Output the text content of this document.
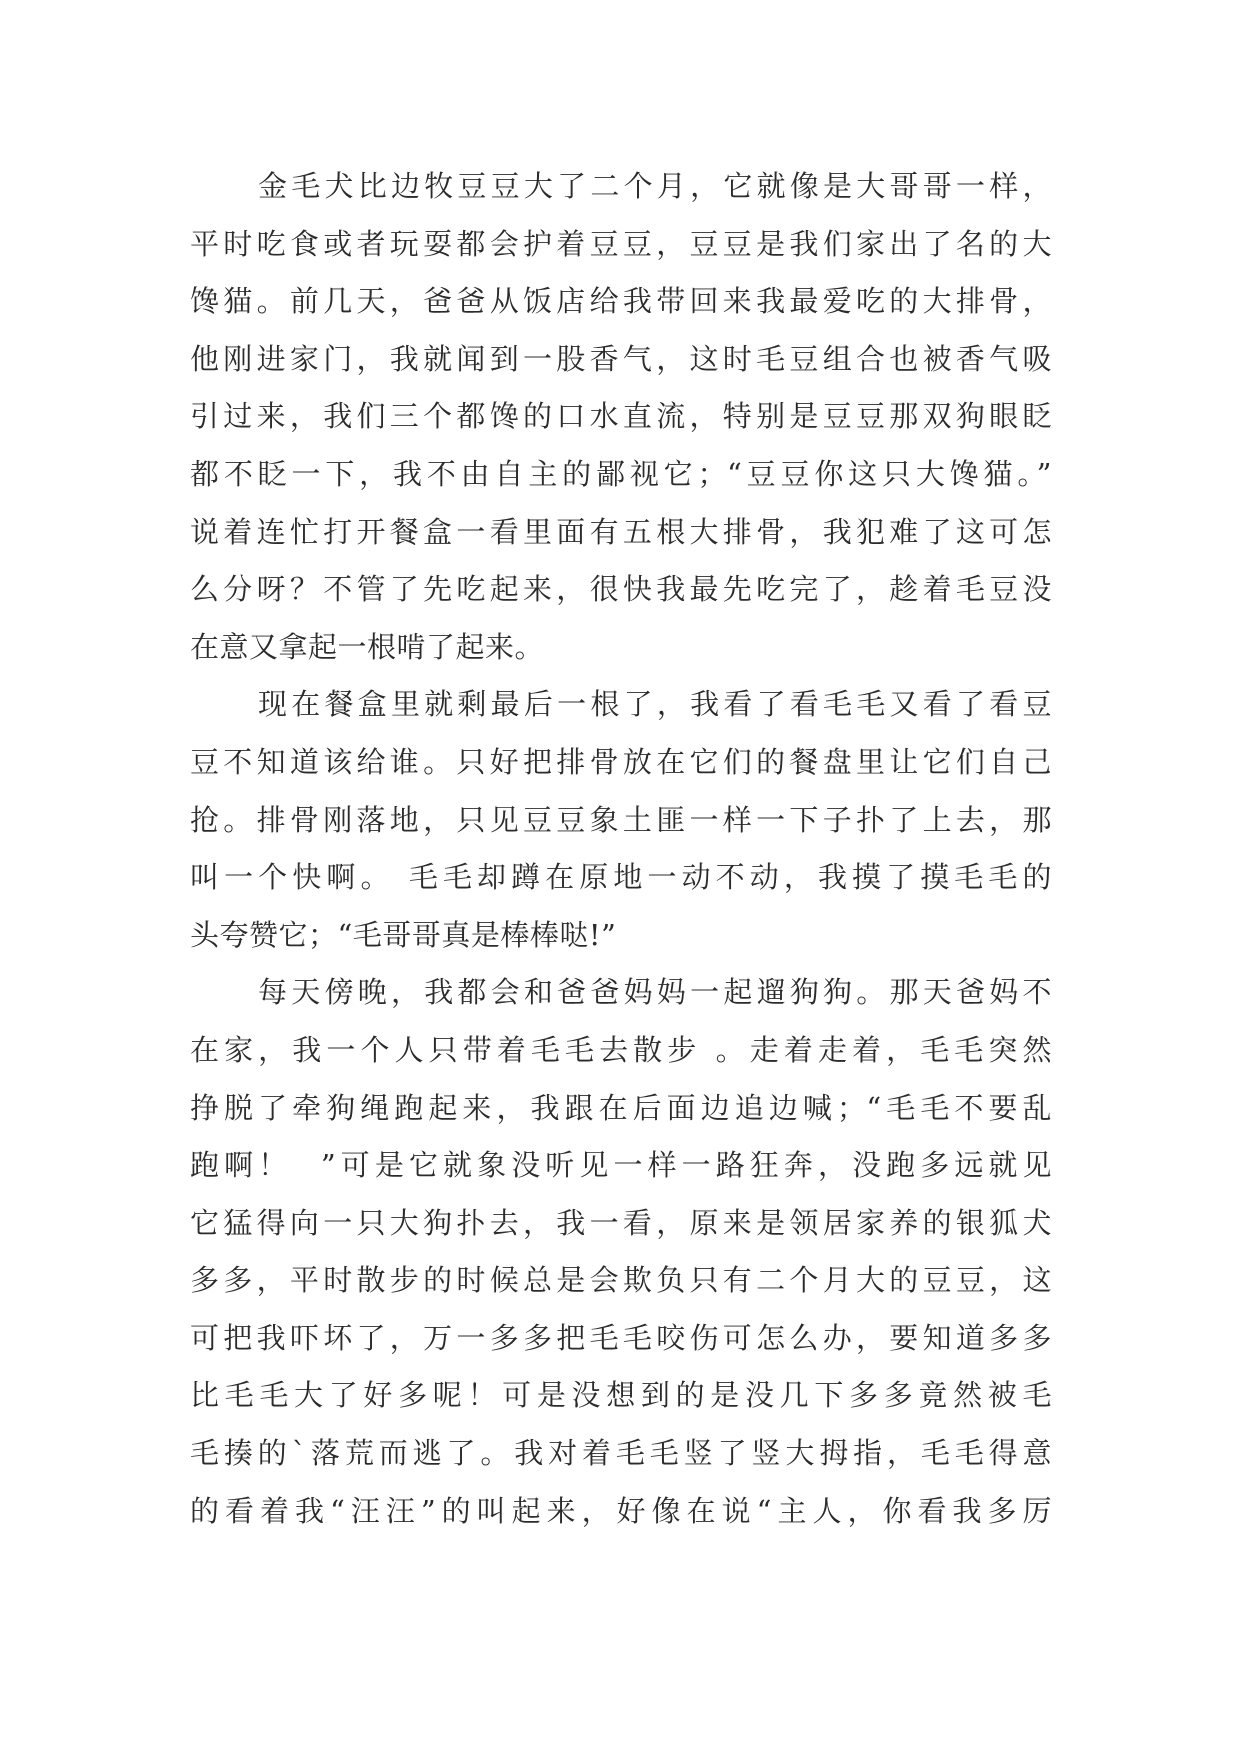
金毛犬比边牧豆豆大了二个月，它就像是大哥哥一样，
平时吃食或者玩耍都会护着豆豆，豆豆是我们家出了名的大
馋猫。前几天，爸爸从饭店给我带回来我最爱吃的大排骨，
他刚进家门，我就闻到一股香气，这时毛豆组合也被香气吸
引过来，我们三个都馋的口水直流，特别是豆豆那双狗眼眨
都不眨一下，我不由自主的鄙视它；“豆豆你这只大馋猫。”
说着连忙打开餐盒一看里面有五根大排骨，我犯难了这可怎
么分呀？不管了先吃起来，很快我最先吃完了，趁着毛豆没
在意又拿起一根啃了起来。
现在餐盒里就剩最后一根了，我看了看毛毛又看了看豆
豆不知道该给谁。只好把排骨放在它们的餐盘里让它们自己
抢。排骨刚落地，只见豆豆象土匪一样一下子扑了上去，那
叫一个快啊。 毛毛却蹲在原地一动不动，我摸了摸毛毛的
头夸赞它；“毛哥哥真是棒棒哒!”
每天傍晚，我都会和爸爸妈妈一起遛狗狗。那天爸妈不
在家，我一个人只带着毛毛去散步 。走着走着，毛毛突然
挣脱了牵狗绳跑起来，我跟在后面边追边喊；“毛毛不要乱
跑啊！  ”可是它就象没听见一样一路狂奔，没跑多远就见
它猛得向一只大狗扑去，我一看，原来是领居家养的银狐犬
多多，平时散步的时候总是会欺负只有二个月大的豆豆，这
可把我吓坏了，万一多多把毛毛咬伤可怎么办，要知道多多
比毛毛大了好多呢！可是没想到的是没几下多多竟然被毛
毛揍的`落荒而逃了。我对着毛毛竖了竖大拇指，毛毛得意
的看着我“汪汪”的叫起来，好像在说“主人，你看我多厉
